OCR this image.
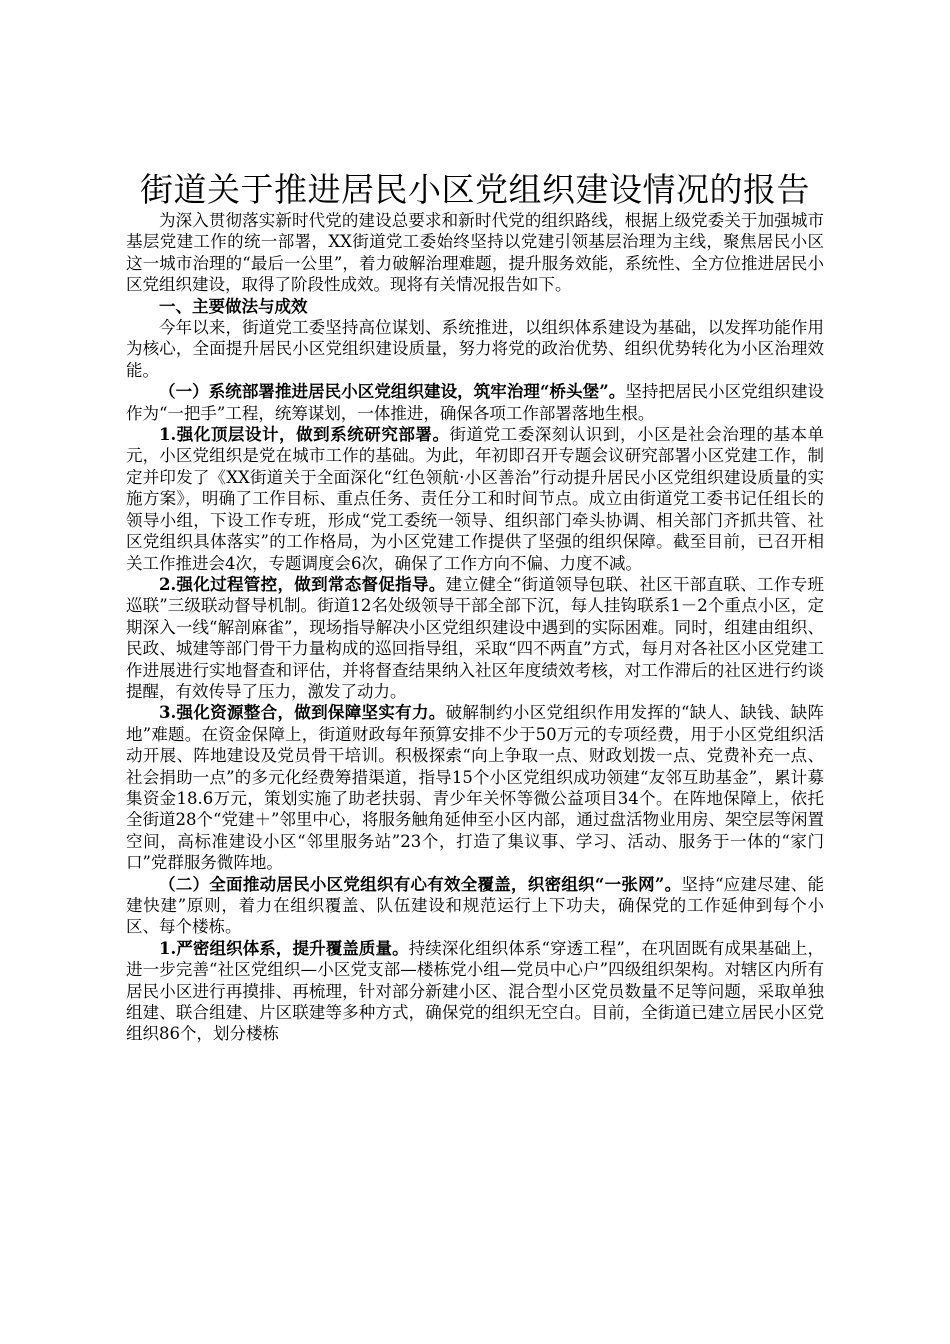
街道关于推进居民小区党组织建设情况的报告

为深入贯彻落实新时代党的建设总要求和新时代党的组织路线，根据上级党委关于加强城市基层党建工作的统一部署，XX街道党工委始终坚持以党建引领基层治理为主线，聚焦居民小区这一城市治理的“最后一公里”，着力破解治理难题，提升服务效能，系统性、全方位推进居民小区党组织建设，取得了阶段性成效。现将有关情况报告如下。

一、主要做法与成效

今年以来，街道党工委坚持高位谋划、系统推进，以组织体系建设为基础，以发挥功能作用为核心，全面提升居民小区党组织建设质量，努力将党的政治优势、组织优势转化为小区治理效能。

（一）系统部署推进居民小区党组织建设，筑牢治理“桥头堡”。坚持把居民小区党组织建设作为“一把手”工程，统筹谋划，一体推进，确保各项工作部署落地生根。

1.强化顶层设计，做到系统研究部署。街道党工委深刻认识到，小区是社会治理的基本单元，小区党组织是党在城市工作的基础。为此，年初即召开专题会议研究部署小区党建工作，制定并印发了《XX街道关于全面深化“红色领航·小区善治”行动提升居民小区党组织建设质量的实施方案》，明确了工作目标、重点任务、责任分工和时间节点。成立由街道党工委书记任组长的领导小组，下设工作专班，形成“党工委统一领导、组织部门牵头协调、相关部门齐抓共管、社区党组织具体落实”的工作格局，为小区党建工作提供了坚强的组织保障。截至目前，已召开相关工作推进会4次，专题调度会6次，确保了工作方向不偏、力度不减。

2.强化过程管控，做到常态督促指导。建立健全“街道领导包联、社区干部直联、工作专班巡联”三级联动督导机制。街道12名处级领导干部全部下沉，每人挂钩联系1－2个重点小区，定期深入一线“解剖麻雀”，现场指导解决小区党组织建设中遇到的实际困难。同时，组建由组织、民政、城建等部门骨干力量构成的巡回指导组，采取“四不两直”方式，每月对各社区小区党建工作进展进行实地督查和评估，并将督查结果纳入社区年度绩效考核，对工作滞后的社区进行约谈提醒，有效传导了压力，激发了动力。

3.强化资源整合，做到保障坚实有力。破解制约小区党组织作用发挥的“缺人、缺钱、缺阵地”难题。在资金保障上，街道财政每年预算安排不少于50万元的专项经费，用于小区党组织活动开展、阵地建设及党员骨干培训。积极探索“向上争取一点、财政划拨一点、党费补充一点、社会捐助一点”的多元化经费筹措渠道，指导15个小区党组织成功领建“友邻互助基金”，累计募集资金18.6万元，策划实施了助老扶弱、青少年关怀等微公益项目34个。在阵地保障上，依托全街道28个“党建＋”邻里中心，将服务触角延伸至小区内部，通过盘活物业用房、架空层等闲置空间，高标准建设小区“邻里服务站”23个，打造了集议事、学习、活动、服务于一体的“家门口”党群服务微阵地。

（二）全面推动居民小区党组织有心有效全覆盖，织密组织“一张网”。坚持“应建尽建、能建快建”原则，着力在组织覆盖、队伍建设和规范运行上下功夫，确保党的工作延伸到每个小区、每个楼栋。

1.严密组织体系，提升覆盖质量。持续深化组织体系“穿透工程”，在巩固既有成果基础上，进一步完善“社区党组织—小区党支部—楼栋党小组—党员中心户”四级组织架构。对辖区内所有居民小区进行再摸排、再梳理，针对部分新建小区、混合型小区党员数量不足等问题，采取单独组建、联合组建、片区联建等多种方式，确保党的组织无空白。目前，全街道已建立居民小区党组织86个，划分楼栋
